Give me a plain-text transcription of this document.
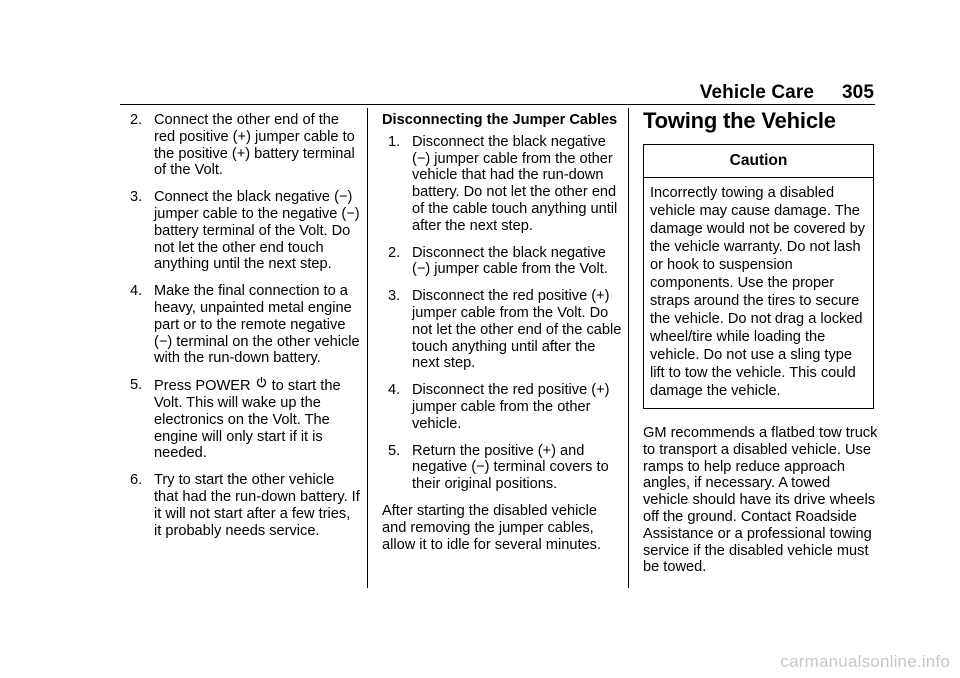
Vehicle Care 305
2. Connect the other end of the red positive (+) jumper cable to the positive (+) battery terminal of the Volt.
3. Connect the black negative (−) jumper cable to the negative (−) battery terminal of the Volt. Do not let the other end touch anything until the next step.
4. Make the final connection to a heavy, unpainted metal engine part or to the remote negative (−) terminal on the other vehicle with the run-down battery.
5. Press POWER to start the Volt. This will wake up the electronics on the Volt. The engine will only start if it is needed.
6. Try to start the other vehicle that had the run-down battery. If it will not start after a few tries, it probably needs service.
Disconnecting the Jumper Cables
1. Disconnect the black negative (−) jumper cable from the other vehicle that had the run-down battery. Do not let the other end of the cable touch anything until after the next step.
2. Disconnect the black negative (−) jumper cable from the Volt.
3. Disconnect the red positive (+) jumper cable from the Volt. Do not let the other end of the cable touch anything until after the next step.
4. Disconnect the red positive (+) jumper cable from the other vehicle.
5. Return the positive (+) and negative (−) terminal covers to their original positions.

After starting the disabled vehicle and removing the jumper cables, allow it to idle for several minutes.

Towing the Vehicle
Caution
Incorrectly towing a disabled vehicle may cause damage. The damage would not be covered by the vehicle warranty. Do not lash or hook to suspension components. Use the proper straps around the tires to secure the vehicle. Do not drag a locked wheel/tire while loading the vehicle. Do not use a sling type lift to tow the vehicle. This could damage the vehicle.

GM recommends a flatbed tow truck to transport a disabled vehicle. Use ramps to help reduce approach angles, if necessary. A towed vehicle should have its drive wheels off the ground. Contact Roadside Assistance or a professional towing service if the disabled vehicle must be towed.

carmanualsonline.info
